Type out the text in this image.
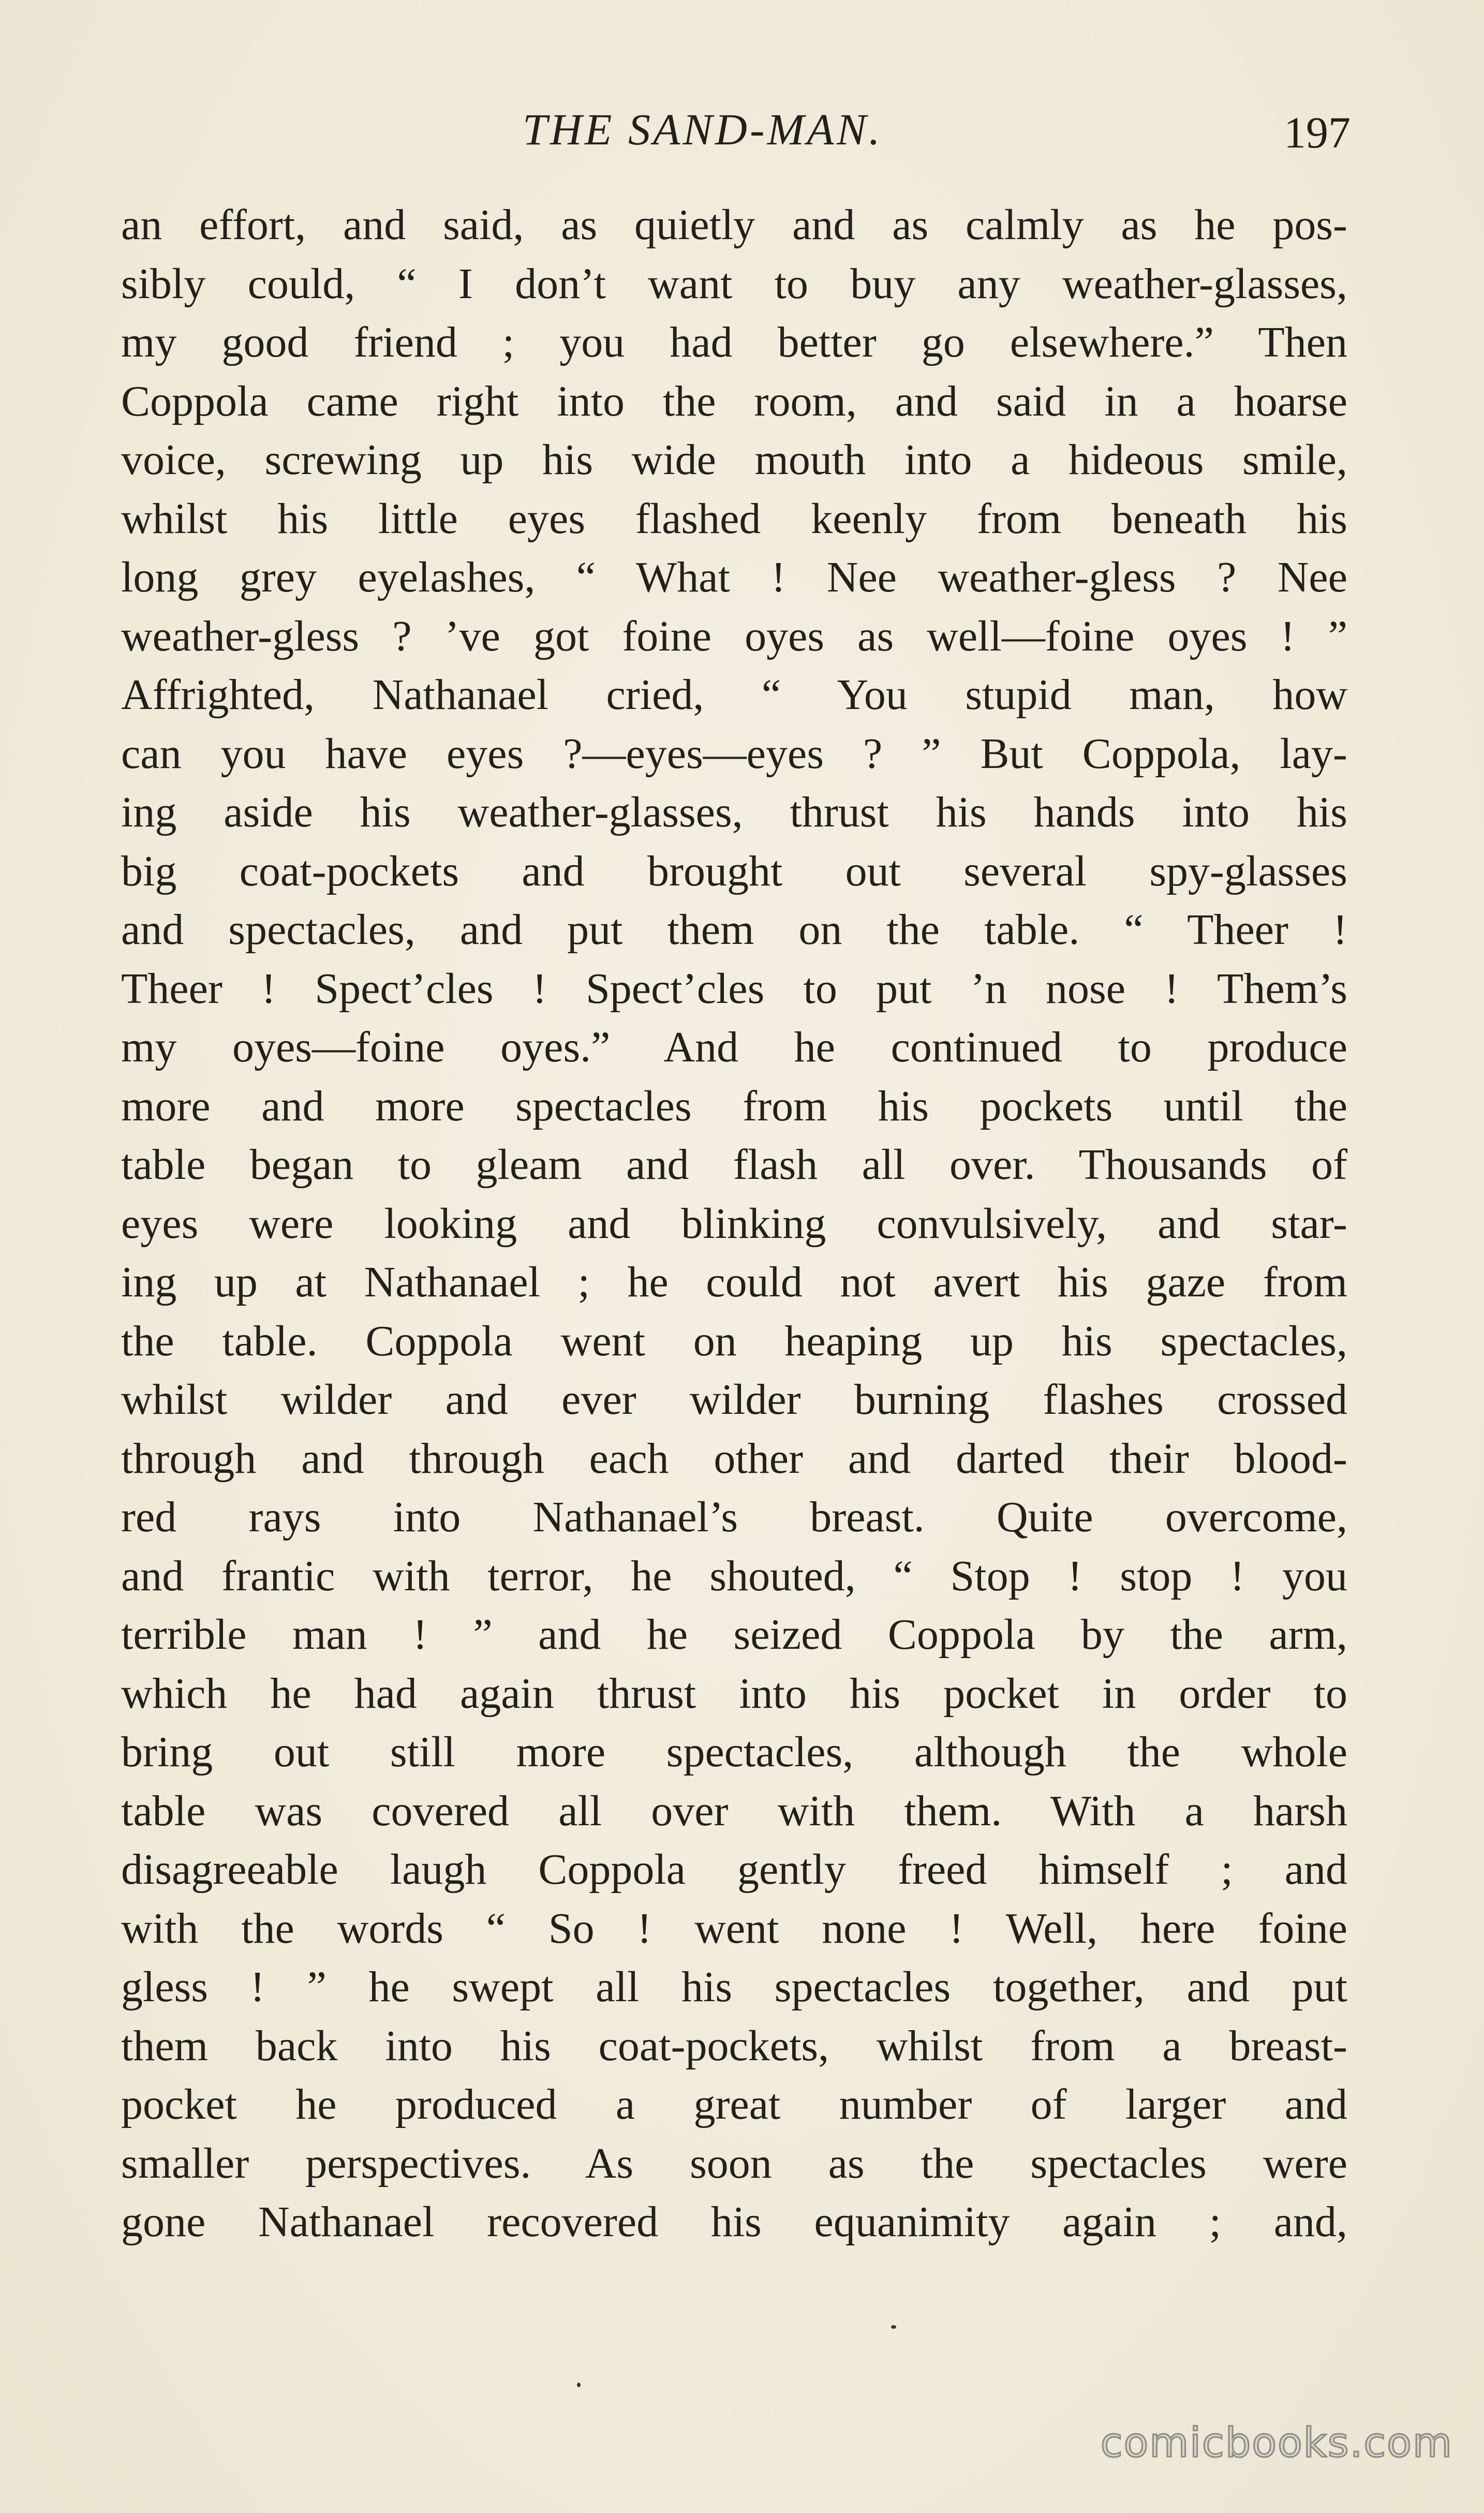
THE SAND-MAN.	197
an effort, and said, as quietly and as calmly as he pos-
sibly could, “ I don’t want to buy any weather-glasses,
my good friend ; you had better go elsewhere.” Then
Coppola came right into the room, and said in a hoarse
voice, screwing up his wide mouth into a hideous smile,
whilst his little eyes flashed keenly from beneath his
long grey eyelashes, “ What ! Nee weather-gless ? Nee
weather-gless ? ’ve got foine oyes as well—foine oyes ! ”
Affrighted, Nathanael cried, “ You stupid man, how
can you have eyes ?—eyes—eyes ? ” But Coppola, lay-
ing aside his weather-glasses, thrust his hands into his
big coat-pockets and brought out several spy-glasses
and spectacles, and put them on the table. “ Theer !
Theer ! Spect’cles ! Spect’cles to put ’n nose ! Them’s
my oyes—foine oyes.” And he continued to produce
more and more spectacles from his pockets until the
table began to gleam and flash all over. Thousands of
eyes were looking and blinking convulsively, and star-
ing up at Nathanael ; he could not avert his gaze from
the table. Coppola went on heaping up his spectacles,
whilst wilder and ever wilder burning flashes crossed
through and through each other and darted their blood-
red rays into Nathanael’s breast. Quite overcome,
and frantic with terror, he shouted, “ Stop ! stop ! you
terrible man ! ” and he seized Coppola by the arm,
which he had again thrust into his pocket in order to
bring out still more spectacles, although the whole
table was covered all over with them. With a harsh
disagreeable laugh Coppola gently freed himself ; and
with the words “ So ! went none ! Well, here foine
gless ! ” he swept all his spectacles together, and put
them back into his coat-pockets, whilst from a breast-
pocket he produced a great number of larger and
smaller perspectives. As soon as the spectacles were
gone Nathanael recovered his equanimity again ; and,
comicbooks.com
